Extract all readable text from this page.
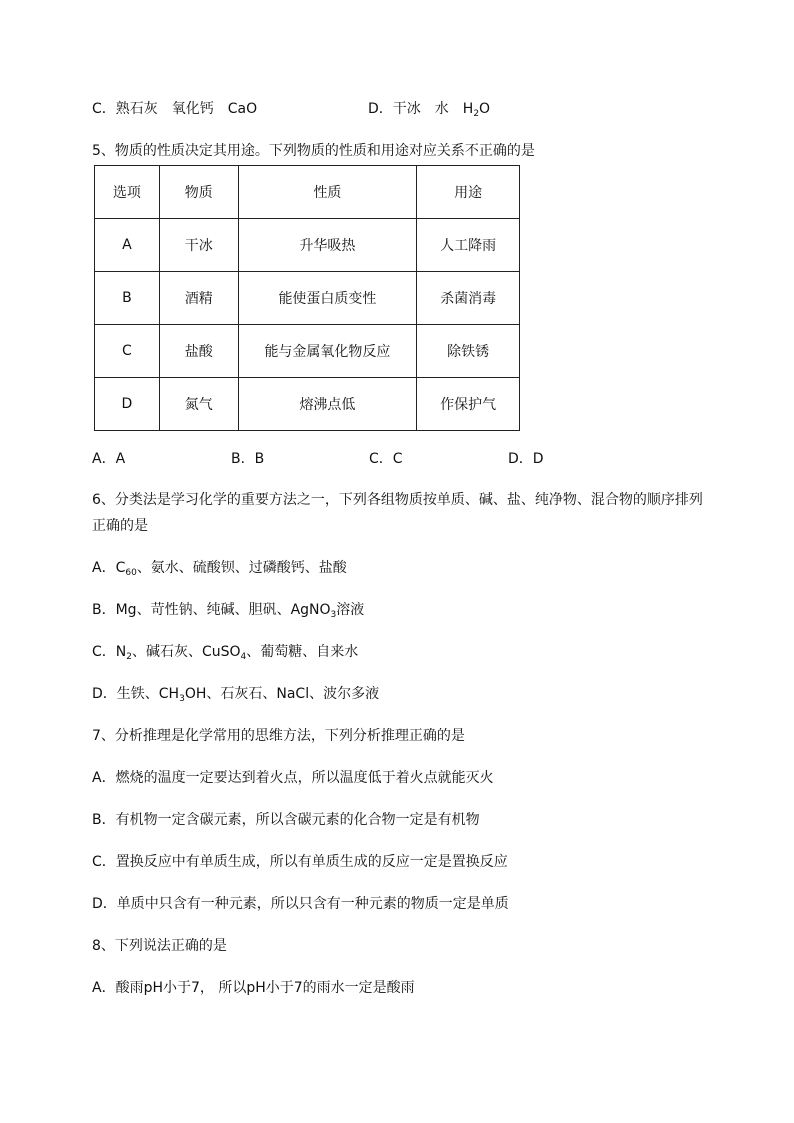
C．熟石灰　氧化钙　CaO	D．干冰　水　$H_2O$
5、物质的性质决定其用途。下列物质的性质和用途对应关系不正确的是
选项	物质	性质	用途
A	干冰	升华吸热	人工降雨
B	酒精	能使蛋白质变性	杀菌消毒
C	盐酸	能与金属氧化物反应	除铁锈
D	氮气	熔沸点低	作保护气
A．A	B．B	C．C	D．D
6、分类法是学习化学的重要方法之一，下列各组物质按单质、碱、盐、纯净物、混合物的顺序排列
正确的是
A．$C_{60}$、氨水、硫酸钡、过磷酸钙、盐酸
B．Mg、苛性钠、纯碱、胆矾、AgNO$_3$溶液
C．$N_2$、碱石灰、CuSO$_4$、葡萄糖、自来水
D．生铁、$CH_3OH$、石灰石、NaCl、波尔多液
7、分析推理是化学常用的思维方法，下列分析推理正确的是
A．燃烧的温度一定要达到着火点，所以温度低于着火点就能灭火
B．有机物一定含碳元素，所以含碳元素的化合物一定是有机物
C．置换反应中有单质生成，所以有单质生成的反应一定是置换反应
D．单质中只含有一种元素，所以只含有一种元素的物质一定是单质
8、下列说法正确的是
A．酸雨pH小于7， 所以pH小于7的雨水一定是酸雨
